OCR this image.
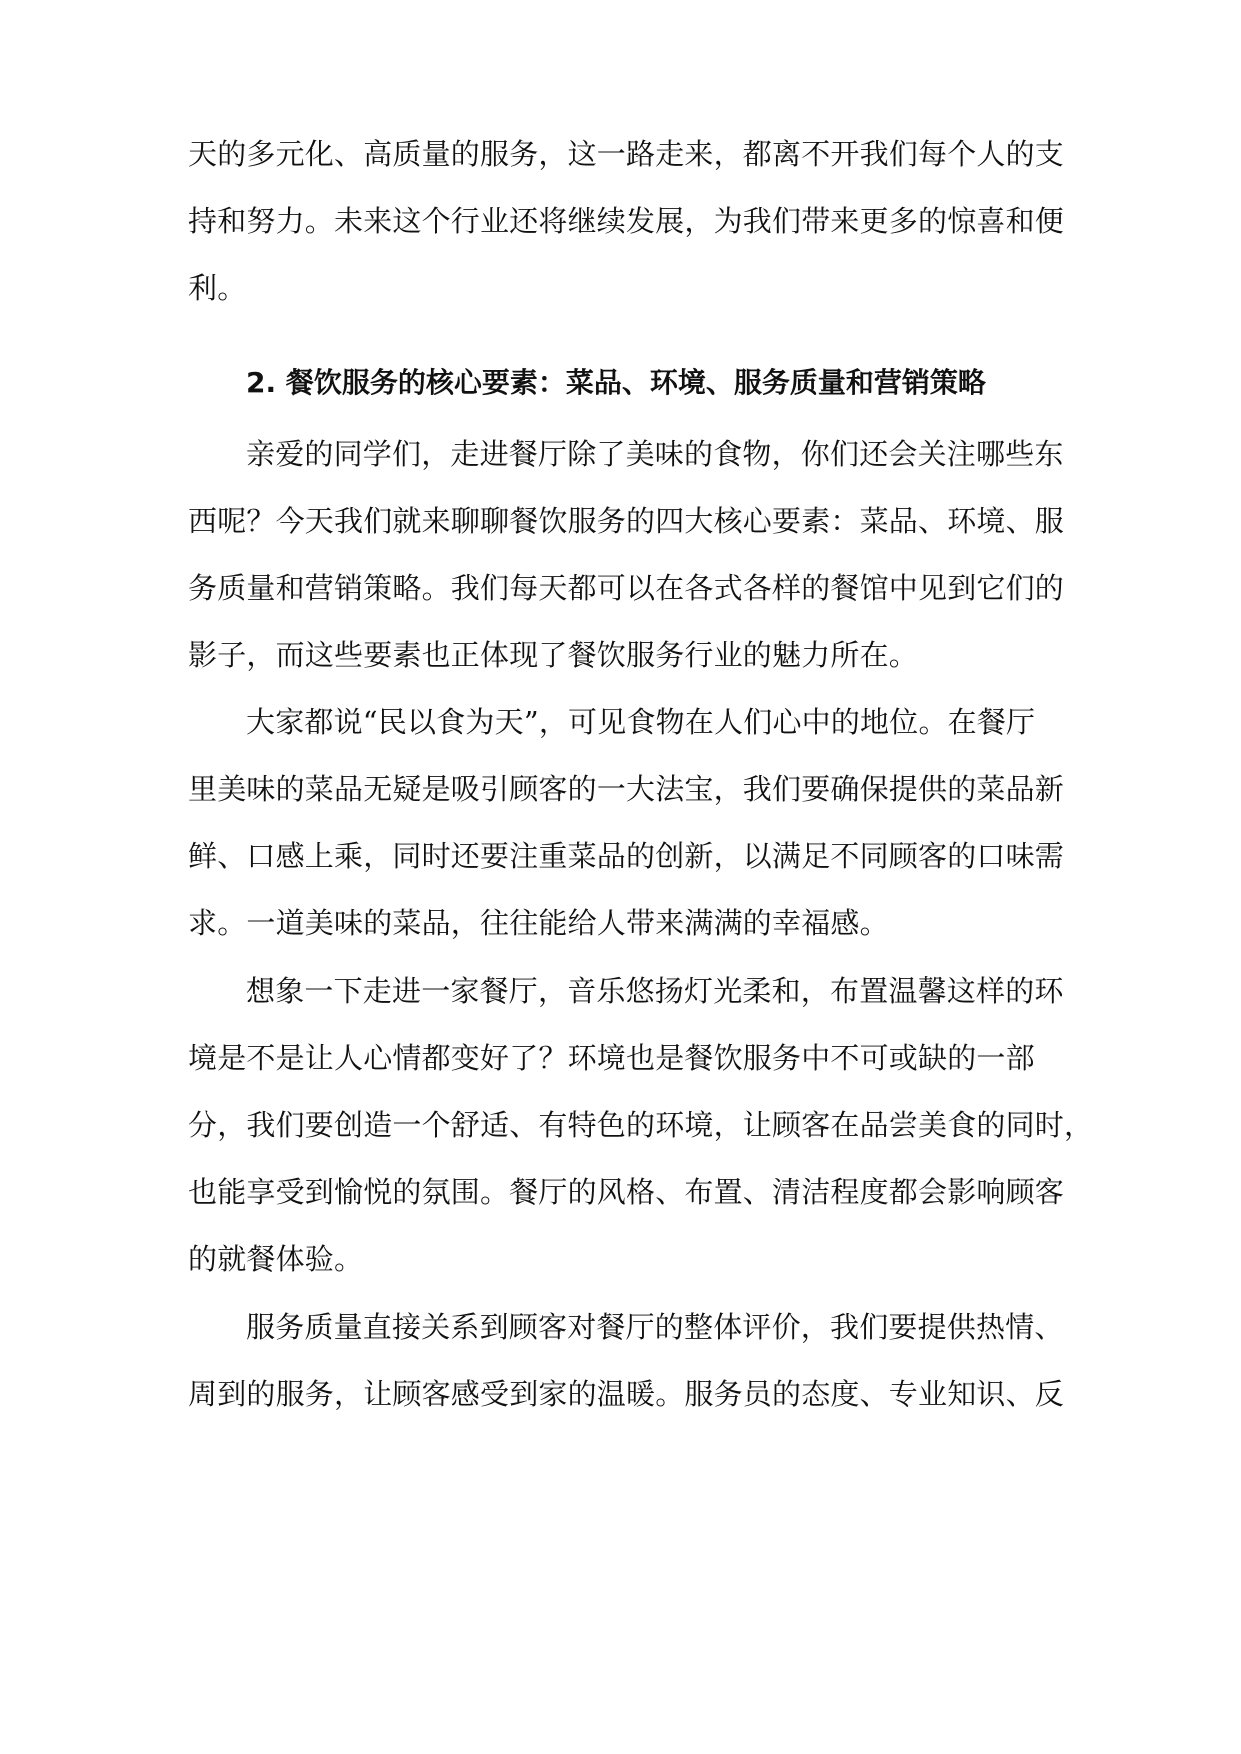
天的多元化、高质量的服务，这一路走来，都离不开我们每个人的支
持和努力。未来这个行业还将继续发展，为我们带来更多的惊喜和便
利。
2. 餐饮服务的核心要素：菜品、环境、服务质量和营销策略
亲爱的同学们，走进餐厅除了美味的食物，你们还会关注哪些东
西呢？今天我们就来聊聊餐饮服务的四大核心要素：菜品、环境、服
务质量和营销策略。我们每天都可以在各式各样的餐馆中见到它们的
影子，而这些要素也正体现了餐饮服务行业的魅力所在。
大家都说“民以食为天”，可见食物在人们心中的地位。在餐厅
里美味的菜品无疑是吸引顾客的一大法宝，我们要确保提供的菜品新
鲜、口感上乘，同时还要注重菜品的创新，以满足不同顾客的口味需
求。一道美味的菜品，往往能给人带来满满的幸福感。
想象一下走进一家餐厅，音乐悠扬灯光柔和，布置温馨这样的环
境是不是让人心情都变好了？环境也是餐饮服务中不可或缺的一部
分，我们要创造一个舒适、有特色的环境，让顾客在品尝美食的同时，
也能享受到愉悦的氛围。餐厅的风格、布置、清洁程度都会影响顾客
的就餐体验。
服务质量直接关系到顾客对餐厅的整体评价，我们要提供热情、
周到的服务，让顾客感受到家的温暖。服务员的态度、专业知识、反
